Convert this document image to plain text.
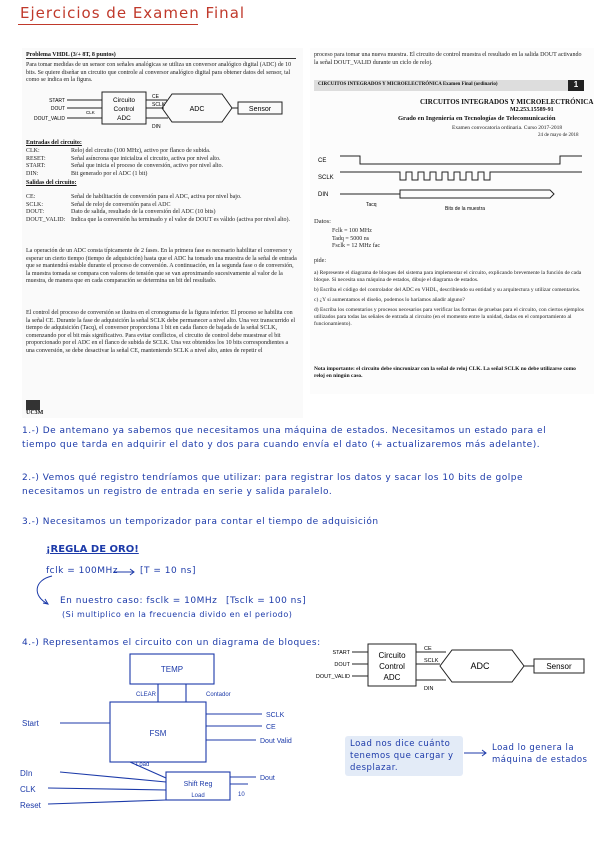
Ejercicios de Examen Final
Problema VHDL (3/+ 8T, 8 puntos)
Para tomar medidas de un sensor con señales analógicas se utiliza un conversor analógico digital (ADC) de 10 bits. Se quiere diseñar un circuito que controle al conversor analógico digital para obtener datos del sensor, tal como se indica en la figura.
Circuito
Control
ADC
ADC	Sensor
START
DOUT
DOUT_VALID
CE
SCLK
DIN
CLK
Entradas del circuito:
CLK:	Reloj del circuito (100 MHz), activo por flanco de subida.
RESET:	Señal asíncrona que inicializa el circuito, activa por nivel alto.
START:	Señal que inicia el proceso de conversión, activo por nivel alto.
DIN:	Bit generado por el ADC (1 bit)
Salidas del circuito:
CE:	Señal de habilitación de conversión para el ADC, activa por nivel bajo.
SCLK:	Señal de reloj de conversión para el ADC
DOUT:	Dato de salida, resultado de la conversión del ADC (10 bits)
DOUT_VALID: Indica que la conversión ha terminado y el valor de DOUT es válido (activa por nivel alto).
La operación de un ADC consta típicamente de 2 fases. En la primera fase es necesario habilitar el conversor y esperar un cierto tiempo (tiempo de adquisición) hasta que el ADC ha tomado una muestra de la señal de entrada que se mantendrá estable durante el proceso de conversión. A continuación, en la segunda fase o de conversión, la muestra tomada se compara con valores de tensión que se van aproximando sucesivamente al valor de la muestra, de manera que en cada comparación se determina un bit del resultado.
El control del proceso de conversión se ilustra en el cronograma de la figura inferior. El proceso se habilita con la señal CE. Durante la fase de adquisición la señal SCLK debe permanecer a nivel alto. Una vez transcurrido el tiempo de adquisición (Tacq), el conversor proporciona 1 bit en cada flanco de bajada de la señal SCLK, comenzando por el bit más significativo. Para evitar conflictos, el circuito de control debe muestrear el bit proporcionado por el ADC en el flanco de subida de SCLK. Una vez obtenidos los 10 bits correspondientes a una conversión, se debe desactivar la señal CE, manteniendo SCLK a nivel alto, antes de repetir el
UC3M
proceso para tomar una nueva muestra. El circuito de control muestra el resultado en la salida DOUT activando la señal DOUT_VALID durante un ciclo de reloj.
CIRCUITOS INTEGRADOS Y MICROELECTRÓNICA Examen Final (ordinario)	1
CIRCUITOS INTEGRADOS Y MICROELECTRÓNICA
M2.253.15589-91
Grado en Ingeniería en Tecnologías de Telecomunicación
Examen convocatoria ordinaria. Curso 2017-2018
24 de mayo de 2018
CE
SCLK
DIN
Tacq
Bits de la muestra
Datos:
Fclk = 100 MHz
Tadq = 5000 ns
Fsclk = 12 MHz fac
pide:
a) Represente el diagrama de bloques del sistema para implementar el circuito, explicando brevemente la función de cada bloque. Si necesita una máquina de estados, dibuje el diagrama de estados.
b) Escriba el código del controlador del ADC en VHDL, describiendo su entidad y su arquitectura y utilizar comentarios.
c) ¿Y si aumentamos el diseño, podemos lo haríamos añadir alguno?
d) Escriba los comentarios y procesos necesarios para verificar las formas de pruebas para el circuito, con ciertos ejemplos utilizados para todas las señales de entrada al circuito (en el momento entre la unidad, dadas en el comportamiento al funcionamiento).
Nota importante: el circuito debe sincronizar con la señal de reloj CLK. La señal SCLK no debe utilizarse como reloj en ningún caso.
1.-) De antemano ya sabemos que necesitamos una máquina de estados. Necesitamos un estado para el tiempo que tarda en adquirir el dato y dos para cuando envía el dato (+ actualizaremos más adelante).
2.-) Vemos qué registro tendríamos que utilizar: para registrar los datos y sacar los 10 bits de golpe necesitamos un registro de entrada en serie y salida paralelo.
3.-) Necesitamos un temporizador para contar el tiempo de adquisición
¡REGLA DE ORO!
fclk = 100MHz [T = 10 ns]
En nuestro caso: fsclk = 10MHz [Tsclk = 100 ns]
(Si multiplico en la frecuencia divido en el periodo)
4.-) Representamos el circuito con un diagrama de bloques:
TEMP
FSM
Shift Reg
Load
Start
DIn
CLK
Reset
SCLK
CE
Dout Valid
Dout
CLEAR
Load
10
Contador
Circuito
Control
ADC
ADC	Sensor
START
DOUT
DOUT_VALID
CE
SCLK
DIN
Load nos dice cuánto tenemos que cargar y desplazar.
Load lo genera la máquina de estados
